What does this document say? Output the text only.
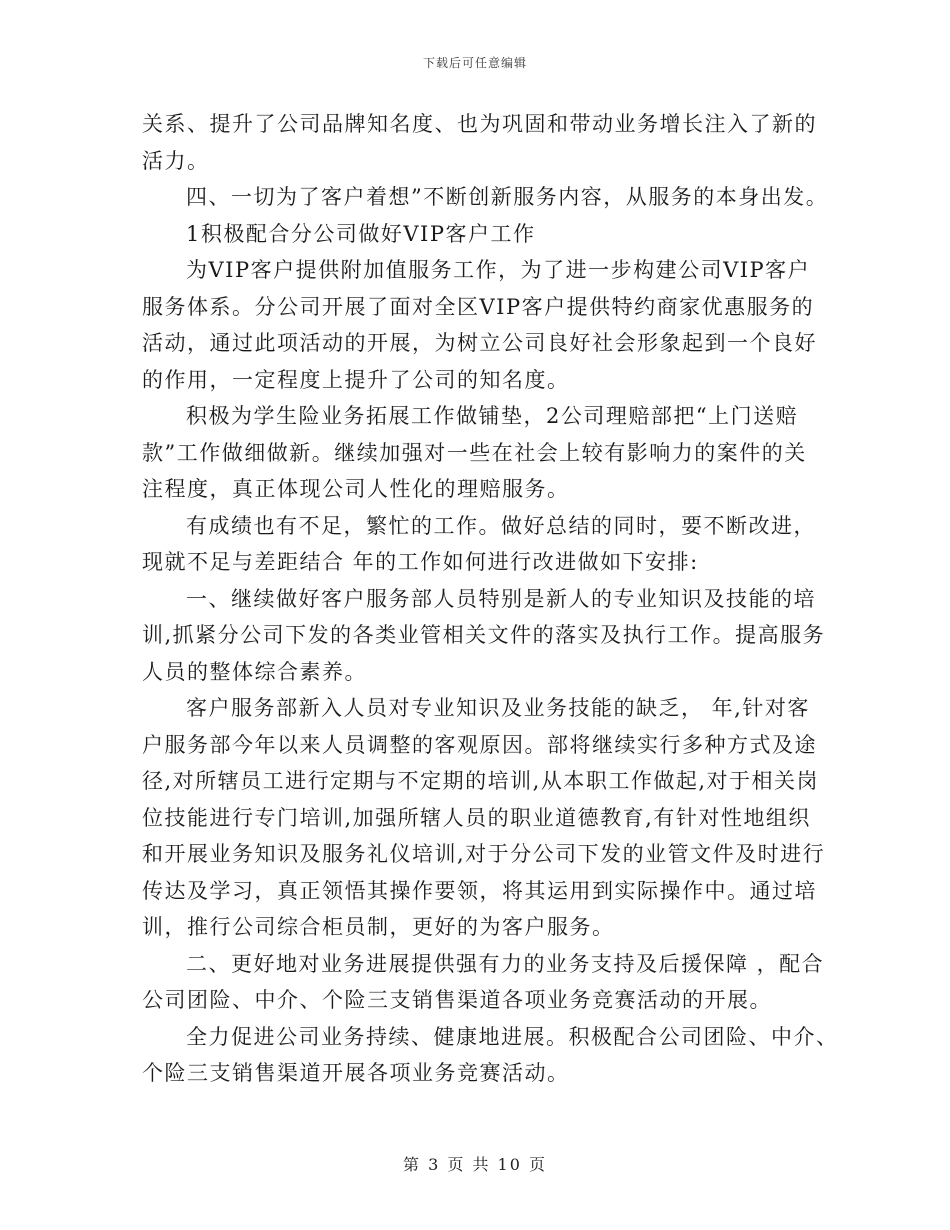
下载后可任意编辑
关系、提升了公司品牌知名度、也为巩固和带动业务增长注入了新的
活力。
四、一切为了客户着想”不断创新服务内容，从服务的本身出发。
1积极配合分公司做好VIP客户工作
为VIP客户提供附加值服务工作，为了进一步构建公司VIP客户
服务体系。分公司开展了面对全区VIP客户提供特约商家优惠服务的
活动，通过此项活动的开展，为树立公司良好社会形象起到一个良好
的作用，一定程度上提升了公司的知名度。
积极为学生险业务拓展工作做铺垫，2公司理赔部把“上门送赔
款”工作做细做新。继续加强对一些在社会上较有影响力的案件的关
注程度，真正体现公司人性化的理赔服务。
有成绩也有不足，繁忙的工作。做好总结的同时，要不断改进，
现就不足与差距结合 年的工作如何进行改进做如下安排:
一、继续做好客户服务部人员特别是新人的专业知识及技能的培
训,抓紧分公司下发的各类业管相关文件的落实及执行工作。提高服务
人员的整体综合素养。
客户服务部新入人员对专业知识及业务技能的缺乏， 年,针对客
户服务部今年以来人员调整的客观原因。部将继续实行多种方式及途
径,对所辖员工进行定期与不定期的培训,从本职工作做起,对于相关岗
位技能进行专门培训,加强所辖人员的职业道德教育,有针对性地组织
和开展业务知识及服务礼仪培训,对于分公司下发的业管文件及时进行
传达及学习，真正领悟其操作要领，将其运用到实际操作中。通过培
训，推行公司综合柜员制，更好的为客户服务。
二、更好地对业务进展提供强有力的业务支持及后援保障 ，配合
公司团险、中介、个险三支销售渠道各项业务竞赛活动的开展。
全力促进公司业务持续、健康地进展。积极配合公司团险、中介、
个险三支销售渠道开展各项业务竞赛活动。
第 3 页 共 10 页
